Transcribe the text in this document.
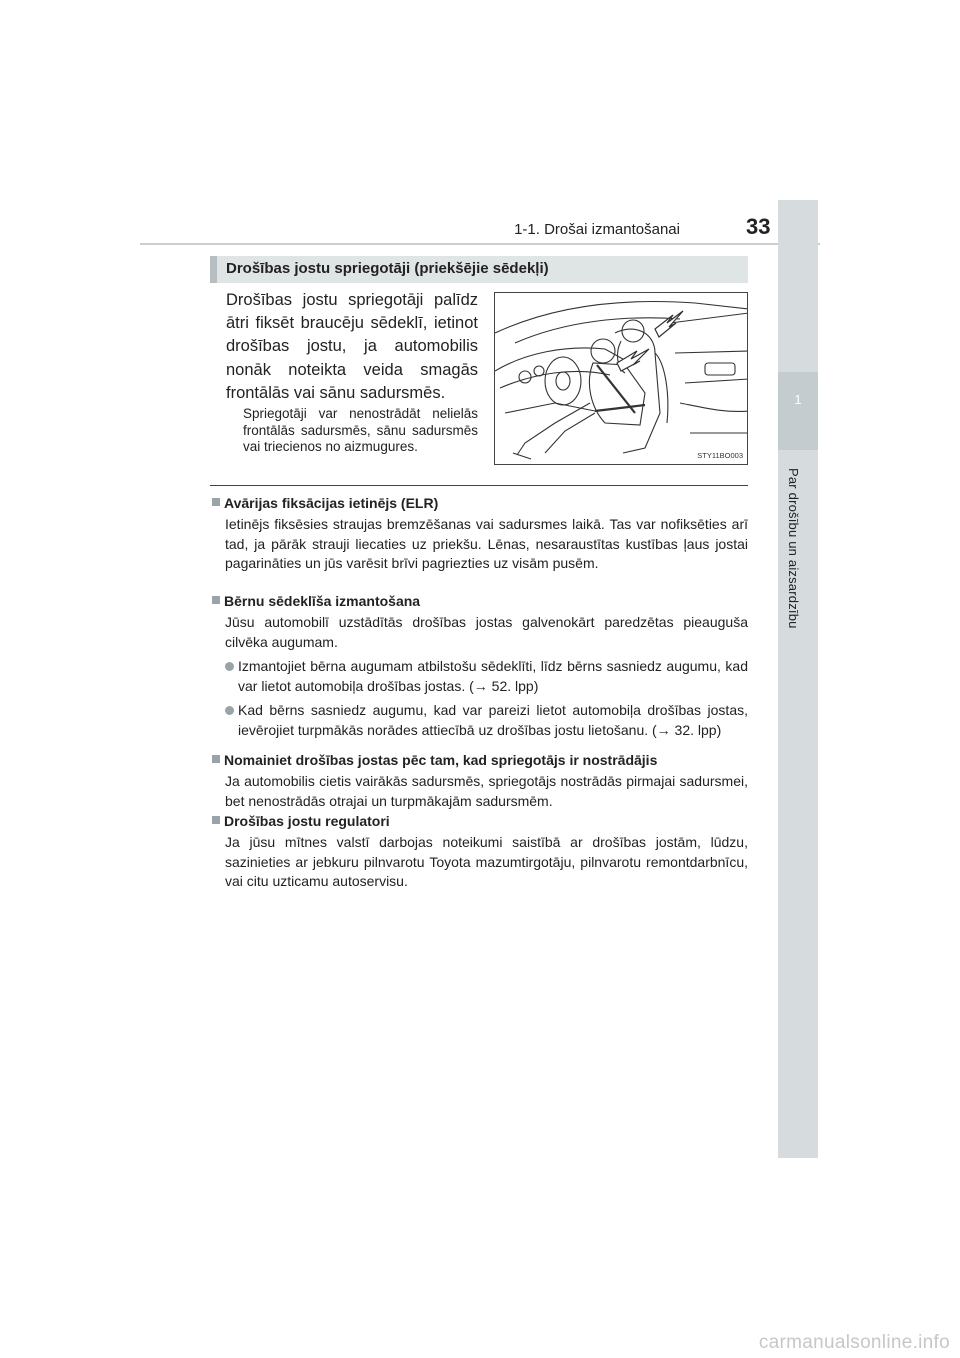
1-1. Drošai izmantošanai	33
1
Par drošību un aizsardzību
Drošības jostu spriegotāji (priekšējie sēdekļi)
Drošības jostu spriegotāji palīdz ātri fiksēt braucēju sēdeklī, ietinot drošības jostu, ja automobilis nonāk noteikta veida smagās frontālās vai sānu sadursmēs.
Spriegotāji var nenostrādāt nelielās frontālās sadursmēs, sānu sadursmēs vai triecienos no aizmugures.
STY11BO003
Avārijas fiksācijas ietinējs (ELR)
Ietinējs fiksēsies straujas bremzēšanas vai sadursmes laikā. Tas var nofiksēties arī tad, ja pārāk strauji liecaties uz priekšu. Lēnas, nesaraustītas kustības ļaus jostai pagarināties un jūs varēsit brīvi pagriezties uz visām pusēm.
Bērnu sēdeklīša izmantošana
Jūsu automobilī uzstādītās drošības jostas galvenokārt paredzētas pieauguša cilvēka augumam.
Izmantojiet bērna augumam atbilstošu sēdeklīti, līdz bērns sasniedz augumu, kad var lietot automobiļa drošības jostas. (→ 52. lpp)
Kad bērns sasniedz augumu, kad var pareizi lietot automobiļa drošības jostas, ievērojiet turpmākās norādes attiecībā uz drošības jostu lietošanu. (→ 32. lpp)
Nomainiet drošības jostas pēc tam, kad spriegotājs ir nostrādājis
Ja automobilis cietis vairākās sadursmēs, spriegotājs nostrādās pirmajai sadursmei, bet nenostrādās otrajai un turpmākajām sadursmēm.
Drošības jostu regulatori
Ja jūsu mītnes valstī darbojas noteikumi saistībā ar drošības jostām, lūdzu, sazinieties ar jebkuru pilnvarotu Toyota mazumtirgotāju, pilnvarotu remontdarbnīcu, vai citu uzticamu autoservisu.
carmanualsonline.info
